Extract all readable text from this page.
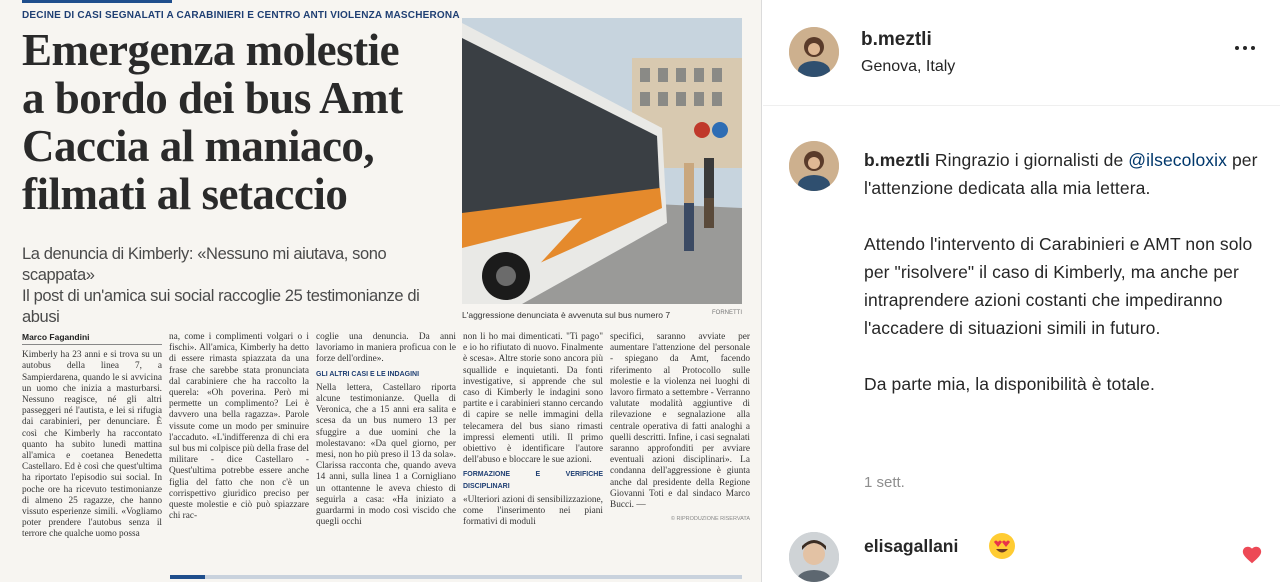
DECINE DI CASI SEGNALATI A CARABINIERI E CENTRO ANTI VIOLENZA MASCHERONA
Emergenza molestie
a bordo dei bus Amt
Caccia al maniaco,
filmati al setaccio
La denuncia di Kimberly: «Nessuno mi aiutava, sono scappata»
Il post di un'amica sui social raccoglie 25 testimonianze di abusi	L'aggressione denunciata è avvenuta sul bus numero 7	FORNETTI
Marco Fagandini
Kimberly ha 23 anni e si trova su un autobus della linea 7, a Sampierdarena, quando le si avvicina un uomo che inizia a masturbarsi. Nessuno reagisce, né gli altri passeggeri né l'autista, e lei si rifugia dai carabinieri, per denunciare. È così che Kimberly ha raccontato quanto ha subito lunedì mattina all'amica e coetanea Benedetta Castellaro. Ed è così che quest'ultima ha riportato l'episodio sui social. In poche ore ha ricevuto testimonianze di almeno 25 ragazze, che hanno vissuto esperienze simili. «Vogliamo poter prendere l'autobus senza il terrore che qualche uomo possa
na, come i complimenti volgari o i fischi». All'amica, Kimberly ha detto di essere rimasta spiazzata da una frase che sarebbe stata pronunciata dal carabiniere che ha raccolto la querela: «Oh poverina. Però mi permette un complimento? Lei è davvero una bella ragazza». Parole vissute come un modo per sminuire l'accaduto. «L'indifferenza di chi era sul bus mi colpisce più della frase del militare - dice Castellaro - Quest'ultima potrebbe essere anche figlia del fatto che non c'è un corrispettivo giuridico preciso per queste molestie e ciò può spiazzare chi rac-
coglie una denuncia. Da anni lavoriamo in maniera proficua con le forze dell'ordine».
GLI ALTRI CASI E LE INDAGINI
Nella lettera, Castellaro riporta alcune testimonianze. Quella di Veronica, che a 15 anni era salita e scesa da un bus numero 13 per sfuggire a due uomini che la molestavano: «Da quel giorno, per mesi, non ho più preso il 13 da sola». Clarissa racconta che, quando aveva 14 anni, sulla linea 1 a Cornigliano un ottantenne le aveva chiesto di seguirla a casa: «Ha iniziato a guardarmi in modo così viscido che quegli occhi
non li ho mai dimenticati. "Ti pago" e io ho rifiutato di nuovo. Finalmente è scesa». Altre storie sono ancora più squallide e inquietanti. Da fonti investigative, si apprende che sul caso di Kimberly le indagini sono partite e i carabinieri stanno cercando di capire se nelle immagini della telecamera del bus siano rimasti impressi elementi utili. Il primo obiettivo è identificare l'autore dell'abuso e bloccare le sue azioni.
FORMAZIONE E VERIFICHE DISCIPLINARI
«Ulteriori azioni di sensibilizzazione, come l'inserimento nei piani formativi di moduli
specifici, saranno avviate per aumentare l'attenzione del personale - spiegano da Amt, facendo riferimento al Protocollo sulle molestie e la violenza nei luoghi di lavoro firmato a settembre - Verranno valutate modalità aggiuntive di rilevazione e segnalazione alla centrale operativa di fatti analoghi a quelli descritti. Infine, i casi segnalati saranno approfonditi per avviare eventuali azioni disciplinari». La condanna dell'aggressione è giunta anche dal presidente della Regione Giovanni Toti e dal sindaco Marco Bucci. —
© RIPRODUZIONE RISERVATA
b.meztli
Genova, Italy

b.meztli Ringrazio i giornalisti de @ilsecoloxix per l'attenzione dedicata alla mia lettera.

Attendo l'intervento di Carabinieri e AMT non solo per "risolvere" il caso di Kimberly, ma anche per intraprendere azioni costanti che impediranno l'accadere di situazioni simili in futuro.

Da parte mia, la disponibilità è totale.

1 sett.
elisagallani
